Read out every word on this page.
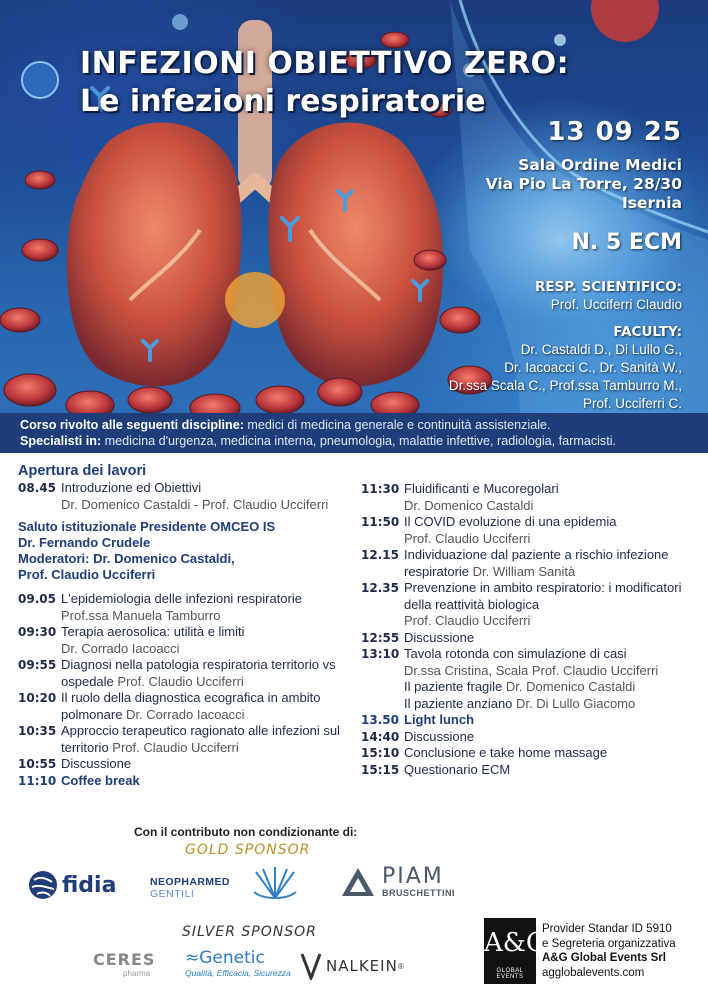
INFEZIONI OBIETTIVO ZERO:
Le infezioni respiratorie
13 09 25
Sala Ordine Medici
Via Pio La Torre, 28/30
Isernia
N. 5 ECM
RESP. SCIENTIFICO:
Prof. Ucciferri Claudio
FACULTY:
Dr. Castaldi D., Di Lullo G.,
Dr. Iacoacci C., Dr. Sanità W.,
Dr.ssa Scala C., Prof.ssa Tamburro M.,
Prof. Ucciferri C.
Corso rivolto alle seguenti discipline: medici di medicina generale e continuità assistenziale.
Specialisti in: medicina d'urgenza, medicina interna, pneumologia, malattie infettive, radiologia, farmacisti.
Apertura dei lavori
08.45 Introduzione ed Obiettivi
Dr. Domenico Castaldi - Prof. Claudio Ucciferri
Saluto istituzionale Presidente OMCEO IS
Dr. Fernando Crudele
Moderatori: Dr. Domenico Castaldi,
Prof. Claudio Ucciferri
09.05 L'epidemiologia delle infezioni respiratorie
Prof.ssa Manuela Tamburro
09:30 Terapia aerosolica: utilità e limiti
Dr. Corrado Iacoacci
09:55 Diagnosi nella patologia respiratoria territorio vs ospedale Prof. Claudio Ucciferri
10:20 Il ruolo della diagnostica ecografica in ambito polmonare Dr. Corrado Iacoacci
10:35 Approccio terapeutico ragionato alle infezioni sul territorio Prof. Claudio Ucciferri
10:55 Discussione
11:10 Coffee break
11:30 Fluidificanti e Mucoregolari
Dr. Domenico Castaldi
11:50 Il COVID evoluzione di una epidemia
Prof. Claudio Ucciferri
12.15 Individuazione dal paziente a rischio infezione respiratorie Dr. William Sanità
12.35 Prevenzione in ambito respiratorio: i modificatori della reattività biologica
Prof. Claudio Ucciferri
12:55 Discussione
13:10 Tavola rotonda con simulazione di casi
Dr.ssa Cristina, Scala Prof. Claudio Ucciferri
Il paziente fragile Dr. Domenico Castaldi
Il paziente anziano Dr. Di Lullo Giacomo
13.50 Light lunch
14:40 Discussione
15:10 Conclusione e take home massage
15:15 Questionario ECM
Con il contributo non condizionante di:
GOLD SPONSOR
fidia	NEOPHARMED
GENTILI
PIAM
BRUSCHETTINI
SILVER SPONSOR
CERES
pharma
≈Genetic
Qualità, Efficacia, Sicurezza NALKEIN ®
A&G
GLOBAL EVENTS
Provider Standar ID 5910
e Segreteria organizzativa
A&G Global Events Srl
agglobalevents.com
